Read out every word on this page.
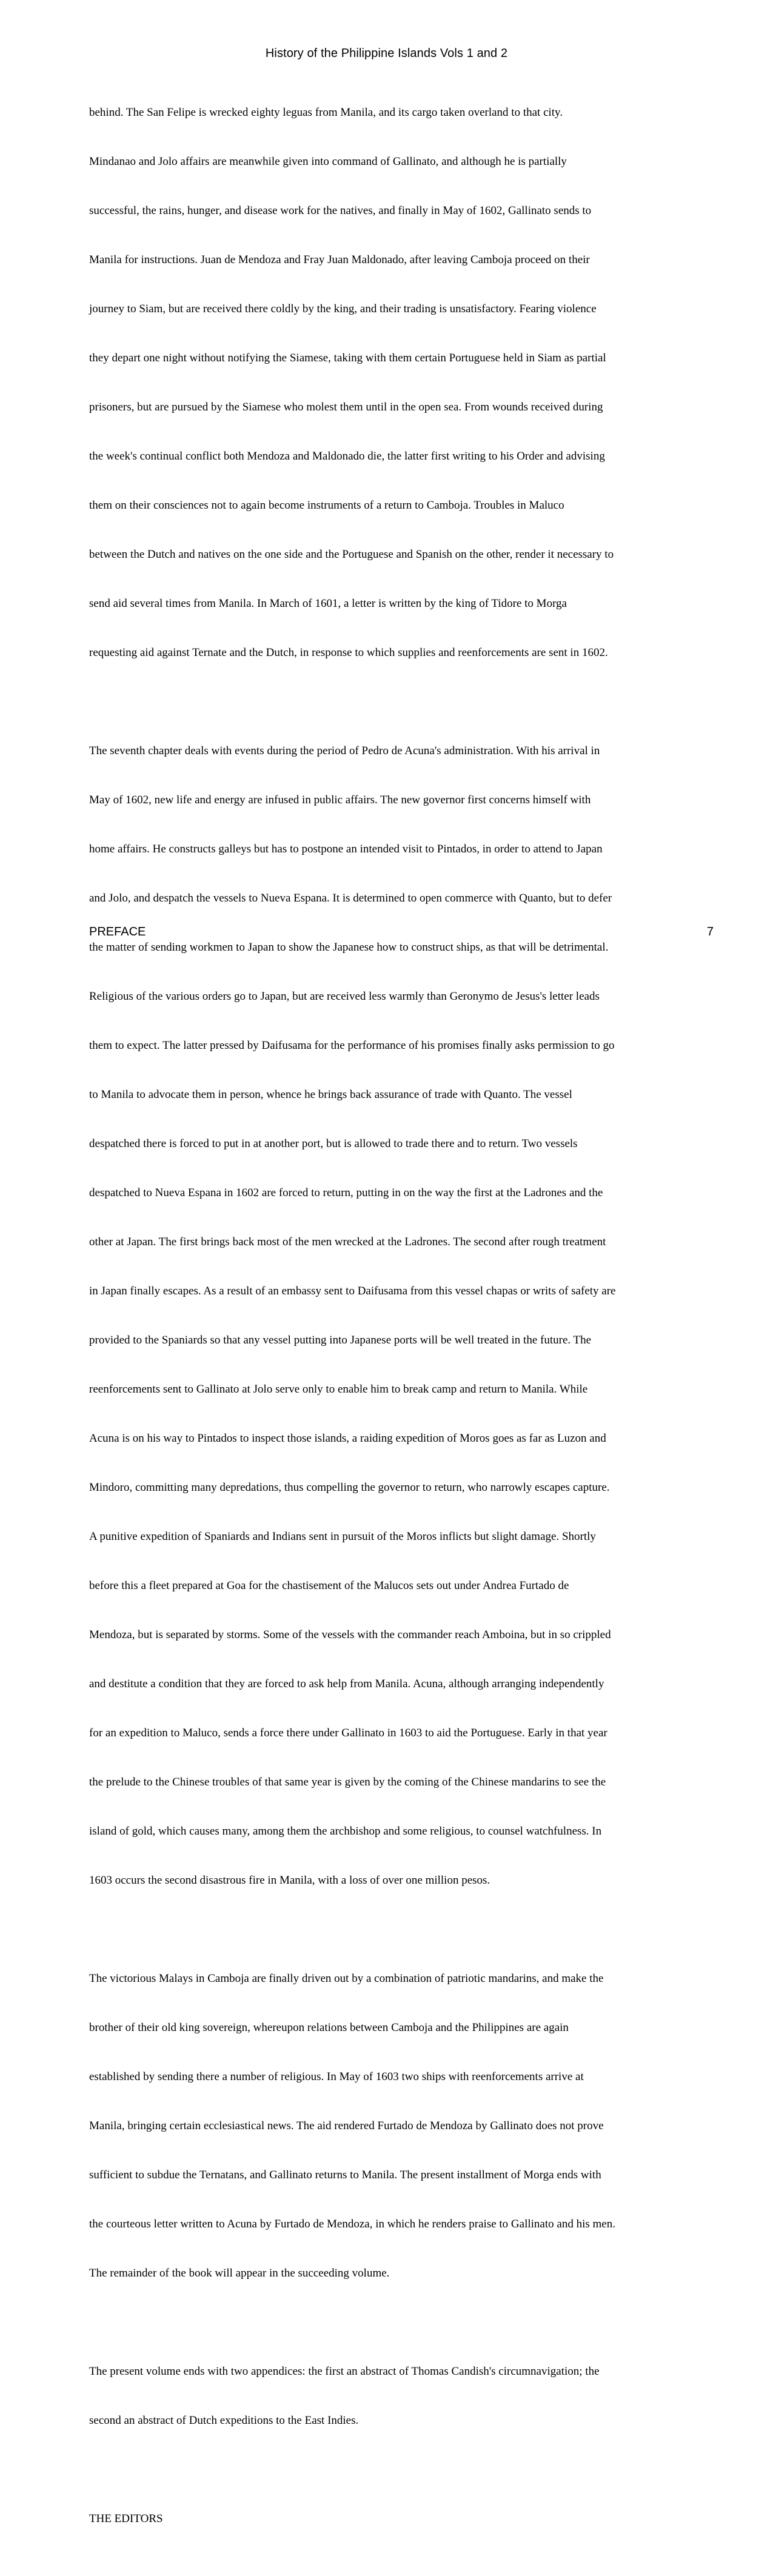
History of the Philippine Islands Vols 1 and 2

behind. The San Felipe is wrecked eighty leguas from Manila, and its cargo taken overland to that city.

Mindanao and Jolo affairs are meanwhile given into command of Gallinato, and although he is partially

successful, the rains, hunger, and disease work for the natives, and finally in May of 1602, Gallinato sends to

Manila for instructions. Juan de Mendoza and Fray Juan Maldonado, after leaving Camboja proceed on their

journey to Siam, but are received there coldly by the king, and their trading is unsatisfactory. Fearing violence

they depart one night without notifying the Siamese, taking with them certain Portuguese held in Siam as partial

prisoners, but are pursued by the Siamese who molest them until in the open sea. From wounds received during

the week's continual conflict both Mendoza and Maldonado die, the latter first writing to his Order and advising

them on their consciences not to again become instruments of a return to Camboja. Troubles in Maluco

between the Dutch and natives on the one side and the Portuguese and Spanish on the other, render it necessary to

send aid several times from Manila. In March of 1601, a letter is written by the king of Tidore to Morga

requesting aid against Ternate and the Dutch, in response to which supplies and reenforcements are sent in 1602.

The seventh chapter deals with events during the period of Pedro de Acuna's administration. With his arrival in

May of 1602, new life and energy are infused in public affairs. The new governor first concerns himself with

home affairs. He constructs galleys but has to postpone an intended visit to Pintados, in order to attend to Japan

and Jolo, and despatch the vessels to Nueva Espana. It is determined to open commerce with Quanto, but to defer

the matter of sending workmen to Japan to show the Japanese how to construct ships, as that will be detrimental.

Religious of the various orders go to Japan, but are received less warmly than Geronymo de Jesus's letter leads

them to expect. The latter pressed by Daifusama for the performance of his promises finally asks permission to go

to Manila to advocate them in person, whence he brings back assurance of trade with Quanto. The vessel

despatched there is forced to put in at another port, but is allowed to trade there and to return. Two vessels

despatched to Nueva Espana in 1602 are forced to return, putting in on the way the first at the Ladrones and the

other at Japan. The first brings back most of the men wrecked at the Ladrones. The second after rough treatment

in Japan finally escapes. As a result of an embassy sent to Daifusama from this vessel chapas or writs of safety are

provided to the Spaniards so that any vessel putting into Japanese ports will be well treated in the future. The

reenforcements sent to Gallinato at Jolo serve only to enable him to break camp and return to Manila. While

Acuna is on his way to Pintados to inspect those islands, a raiding expedition of Moros goes as far as Luzon and

Mindoro, committing many depredations, thus compelling the governor to return, who narrowly escapes capture.

A punitive expedition of Spaniards and Indians sent in pursuit of the Moros inflicts but slight damage. Shortly

before this a fleet prepared at Goa for the chastisement of the Malucos sets out under Andrea Furtado de

Mendoza, but is separated by storms. Some of the vessels with the commander reach Amboina, but in so crippled

and destitute a condition that they are forced to ask help from Manila. Acuna, although arranging independently

for an expedition to Maluco, sends a force there under Gallinato in 1603 to aid the Portuguese. Early in that year

the prelude to the Chinese troubles of that same year is given by the coming of the Chinese mandarins to see the

island of gold, which causes many, among them the archbishop and some religious, to counsel watchfulness. In

1603 occurs the second disastrous fire in Manila, with a loss of over one million pesos.

The victorious Malays in Camboja are finally driven out by a combination of patriotic mandarins, and make the

brother of their old king sovereign, whereupon relations between Camboja and the Philippines are again

established by sending there a number of religious. In May of 1603 two ships with reenforcements arrive at

Manila, bringing certain ecclesiastical news. The aid rendered Furtado de Mendoza by Gallinato does not prove

sufficient to subdue the Ternatans, and Gallinato returns to Manila. The present installment of Morga ends with

the courteous letter written to Acuna by Furtado de Mendoza, in which he renders praise to Gallinato and his men.

The remainder of the book will appear in the succeeding volume.

The present volume ends with two appendices: the first an abstract of Thomas Candish's circumnavigation; the

second an abstract of Dutch expeditions to the East Indies.

THE EDITORS

PREFACE	7
